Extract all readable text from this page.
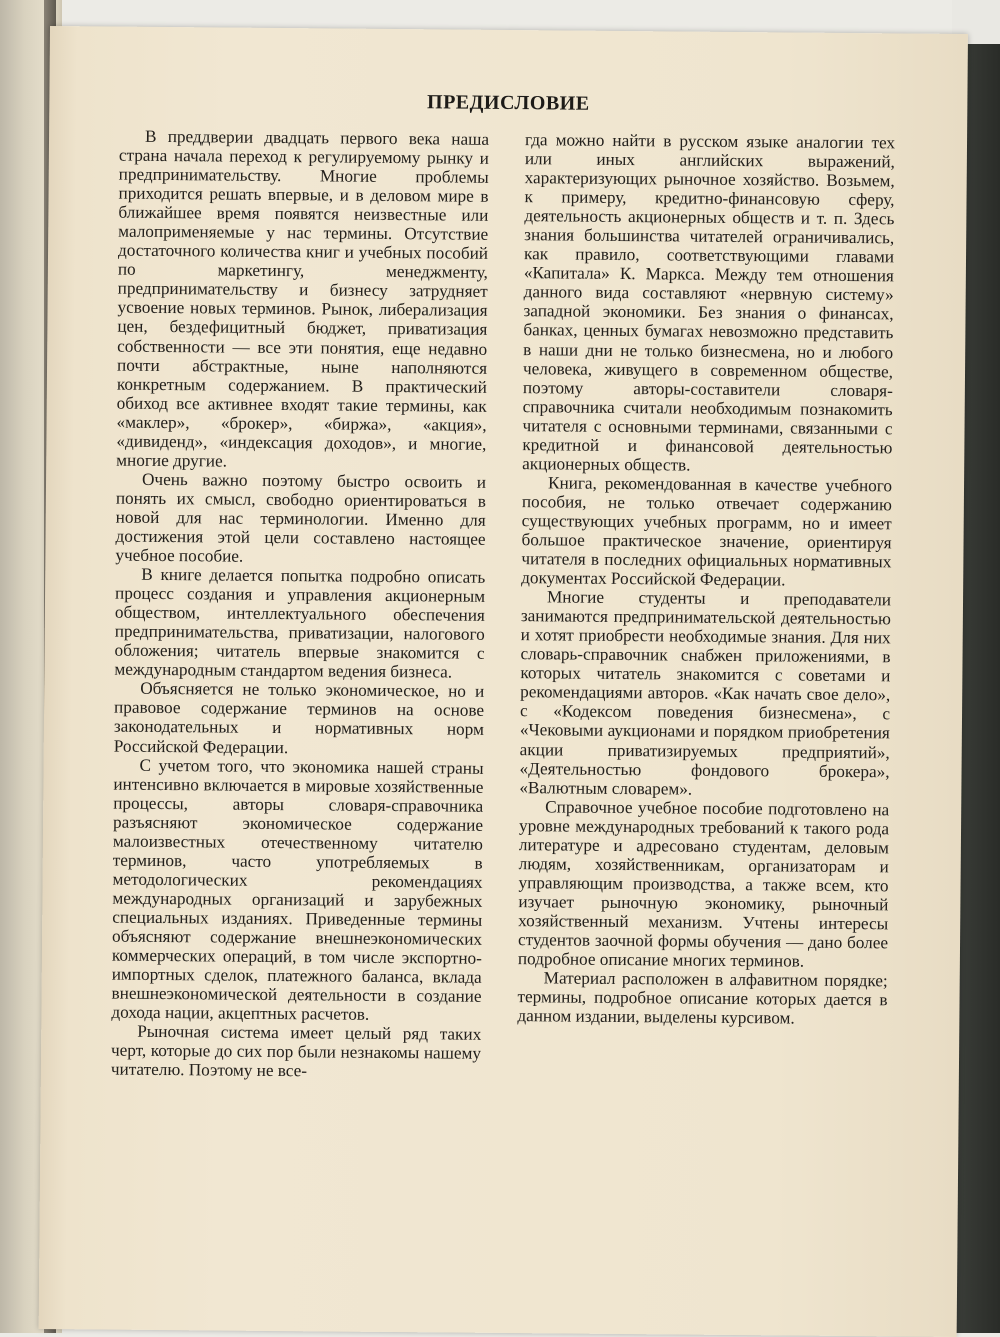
ПРЕДИСЛОВИЕ

В преддверии двадцать первого века наша страна начала переход к регулируемому рынку и предпринимательству. Многие проблемы приходится решать впервые, и в деловом мире в ближайшее время появятся неизвестные или малоприменяемые у нас термины. Отсутствие достаточного количества книг и учебных пособий по маркетингу, менеджменту, предпринимательству и бизнесу затрудняет усвоение новых терминов. Рынок, либерализация цен, бездефицитный бюджет, приватизация собственности — все эти понятия, еще недавно почти абстрактные, ныне наполняются конкретным содержанием. В практический обиход все активнее входят такие термины, как «маклер», «брокер», «биржа», «акция», «дивиденд», «индексация доходов», и многие, многие другие.

Очень важно поэтому быстро освоить и понять их смысл, свободно ориентироваться в новой для нас терминологии. Именно для достижения этой цели составлено настоящее учебное пособие.

В книге делается попытка подробно описать процесс создания и управления акционерным обществом, интеллектуального обеспечения предпринимательства, приватизации, налогового обложения; читатель впервые знакомится с международным стандартом ведения бизнеса.

Объясняется не только экономическое, но и правовое содержание терминов на основе законодательных и нормативных норм Российской Федерации.

С учетом того, что экономика нашей страны интенсивно включается в мировые хозяйственные процессы, авторы словаря-справочника разъясняют экономическое содержание малоизвестных отечественному читателю терминов, часто употребляемых в методологических рекомендациях международных организаций и зарубежных специальных изданиях. Приведенные термины объясняют содержание внешнеэкономических коммерческих операций, в том числе экспортно-импортных сделок, платежного баланса, вклада внешнеэкономической деятельности в создание дохода нации, акцептных расчетов.

Рыночная система имеет целый ряд таких черт, которые до сих пор были незнакомы нашему читателю. Поэтому не все-

гда можно найти в русском языке аналогии тех или иных английских выражений, характеризующих рыночное хозяйство. Возьмем, к примеру, кредитно-финансовую сферу, деятельность акционерных обществ и т. п. Здесь знания большинства читателей ограничивались, как правило, соответствующими главами «Капитала» К. Маркса. Между тем отношения данного вида составляют «нервную систему» западной экономики. Без знания о финансах, банках, ценных бумагах невозможно представить в наши дни не только бизнесмена, но и любого человека, живущего в современном обществе, поэтому авторы-составители словаря-справочника считали необходимым познакомить читателя с основными терминами, связанными с кредитной и финансовой деятельностью акционерных обществ.

Книга, рекомендованная в качестве учебного пособия, не только отвечает содержанию существующих учебных программ, но и имеет большое практическое значение, ориентируя читателя в последних официальных нормативных документах Российской Федерации.

Многие студенты и преподаватели занимаются предпринимательской деятельностью и хотят приобрести необходимые знания. Для них словарь-справочник снабжен приложениями, в которых читатель знакомится с советами и рекомендациями авторов. «Как начать свое дело», с «Кодексом поведения бизнесмена», с «Чековыми аукционами и порядком приобретения акции приватизируемых предприятий», «Деятельностью фондового брокера», «Валютным словарем».

Справочное учебное пособие подготовлено на уровне международных требований к такого рода литературе и адресовано студентам, деловым людям, хозяйственникам, организаторам и управляющим производства, а также всем, кто изучает рыночную экономику, рыночный хозяйственный механизм. Учтены интересы студентов заочной формы обучения — дано более подробное описание многих терминов.

Материал расположен в алфавитном порядке; термины, подробное описание которых дается в данном издании, выделены курсивом.
